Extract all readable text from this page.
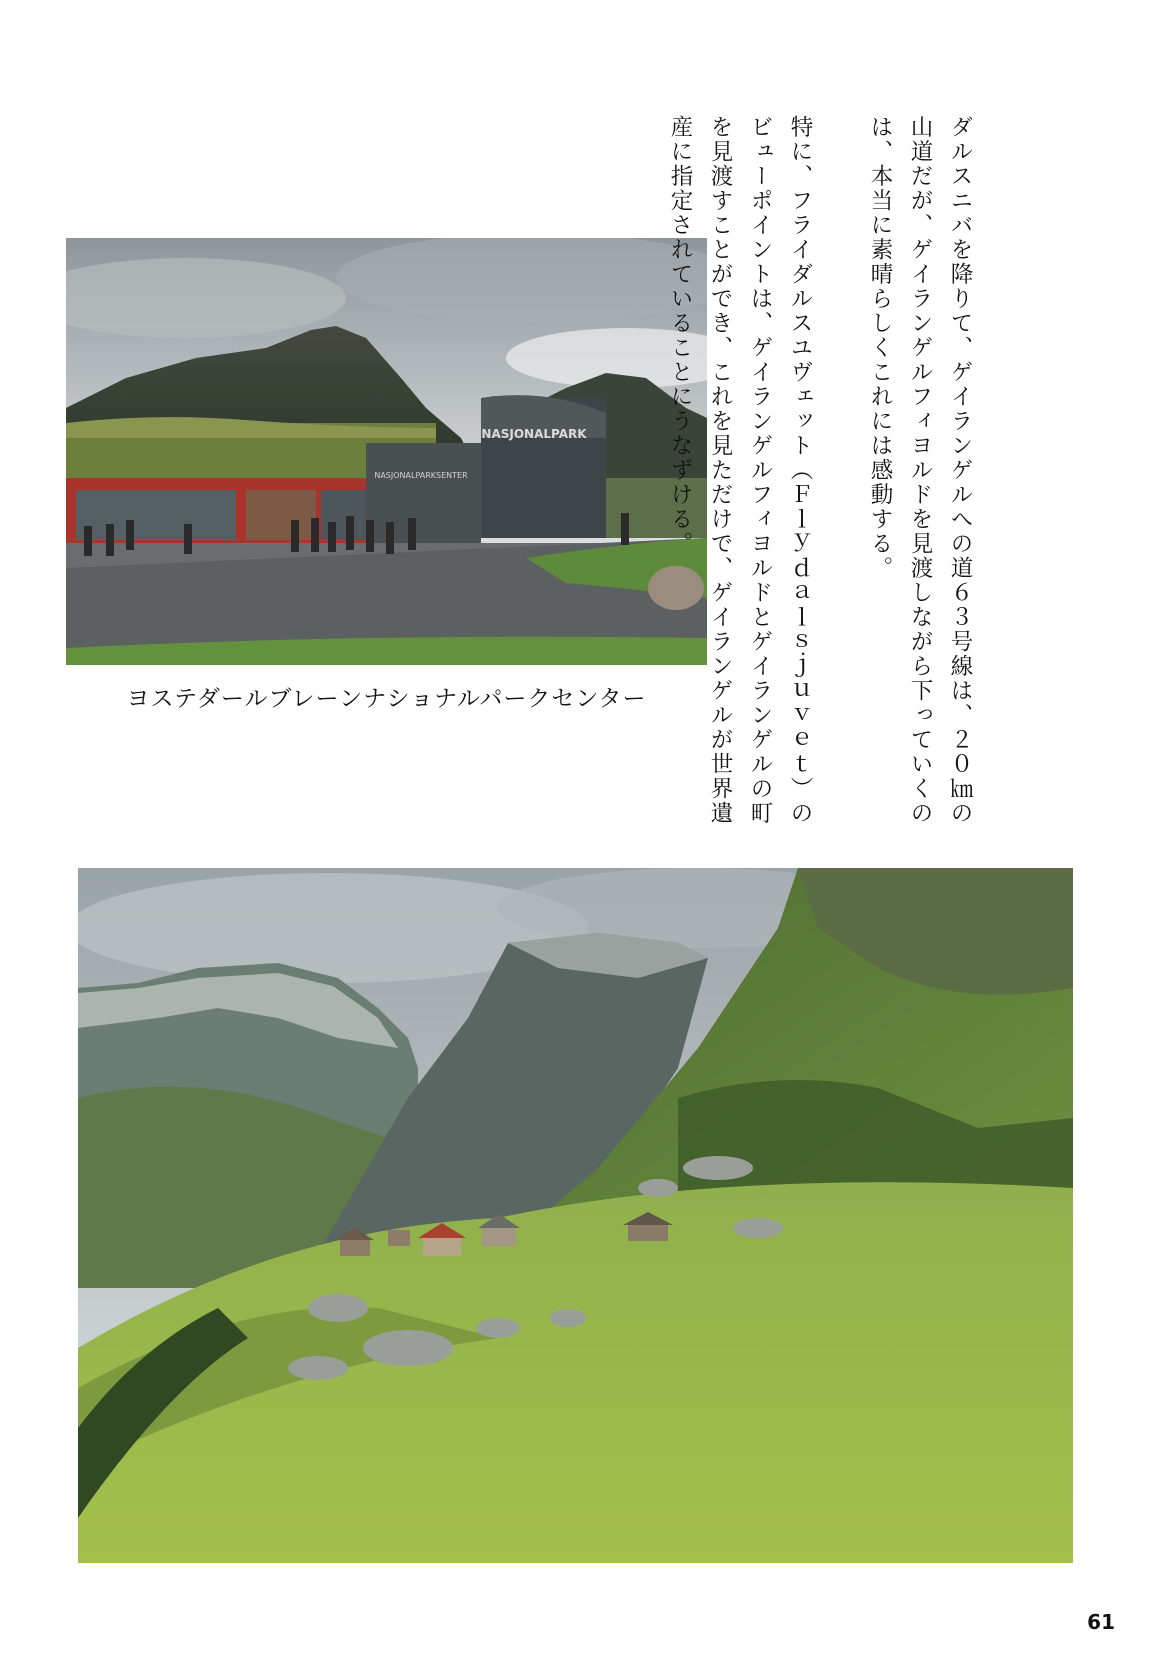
NASJONALPARK
NASJONALPARKSENTER
ヨステダールブレーンナショナルパークセンター	ダルスニバを降りて、ゲイランゲルへの道６３号線は、２０㎞の山道だが、ゲイランゲルフィヨルドを見渡しながら下っていくのは、本当に素晴らしくこれには感動する。

特に、フライダルスユヴェット（Ｆｌｙｄａｌｓｊｕｖｅｔ）のビューポイントは、ゲイランゲルフィヨルドとゲイランゲルの町を見渡すことができ、これを見ただけで、ゲイランゲルが世界遺産に指定されていることにうなずける。

61
